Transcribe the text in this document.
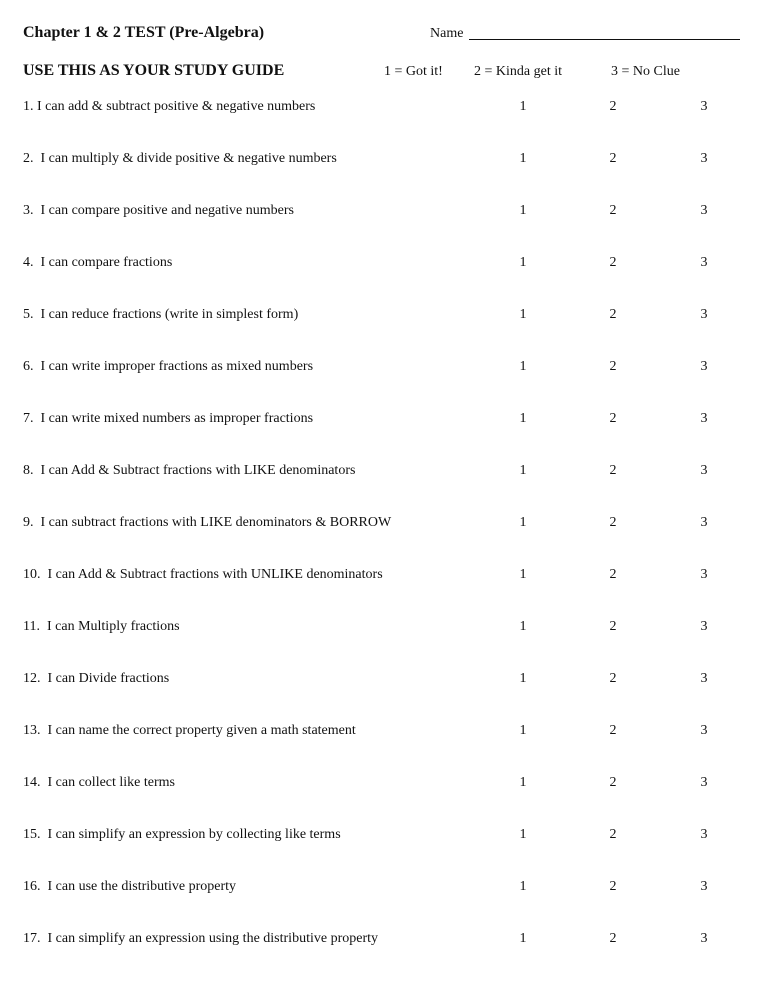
Chapter 1 & 2 TEST (Pre-Algebra)	Name
USE THIS AS YOUR STUDY GUIDE	1 = Got it! 2 = Kinda get it	3 = No Clue
1. I can add & subtract positive & negative numbers	1	2	3
2.  I can multiply & divide positive & negative numbers	1	2	3
3.  I can compare positive and negative numbers	1	2	3
4.  I can compare fractions	1	2	3
5.  I can reduce fractions (write in simplest form)	1	2	3
6.  I can write improper fractions as mixed numbers	1	2	3
7.  I can write mixed numbers as improper fractions	1	2	3
8.  I can Add & Subtract fractions with LIKE denominators	1	2	3
9.  I can subtract fractions with LIKE denominators & BORROW	1	2	3
10.  I can Add & Subtract fractions with UNLIKE denominators	1	2	3
11.  I can Multiply fractions	1	2	3
12.  I can Divide fractions	1	2	3
13.  I can name the correct property given a math statement	1	2	3
14.  I can collect like terms	1	2	3
15.  I can simplify an expression by collecting like terms	1	2	3
16.  I can use the distributive property	1	2	3
17.  I can simplify an expression using the distributive property	1	2	3
